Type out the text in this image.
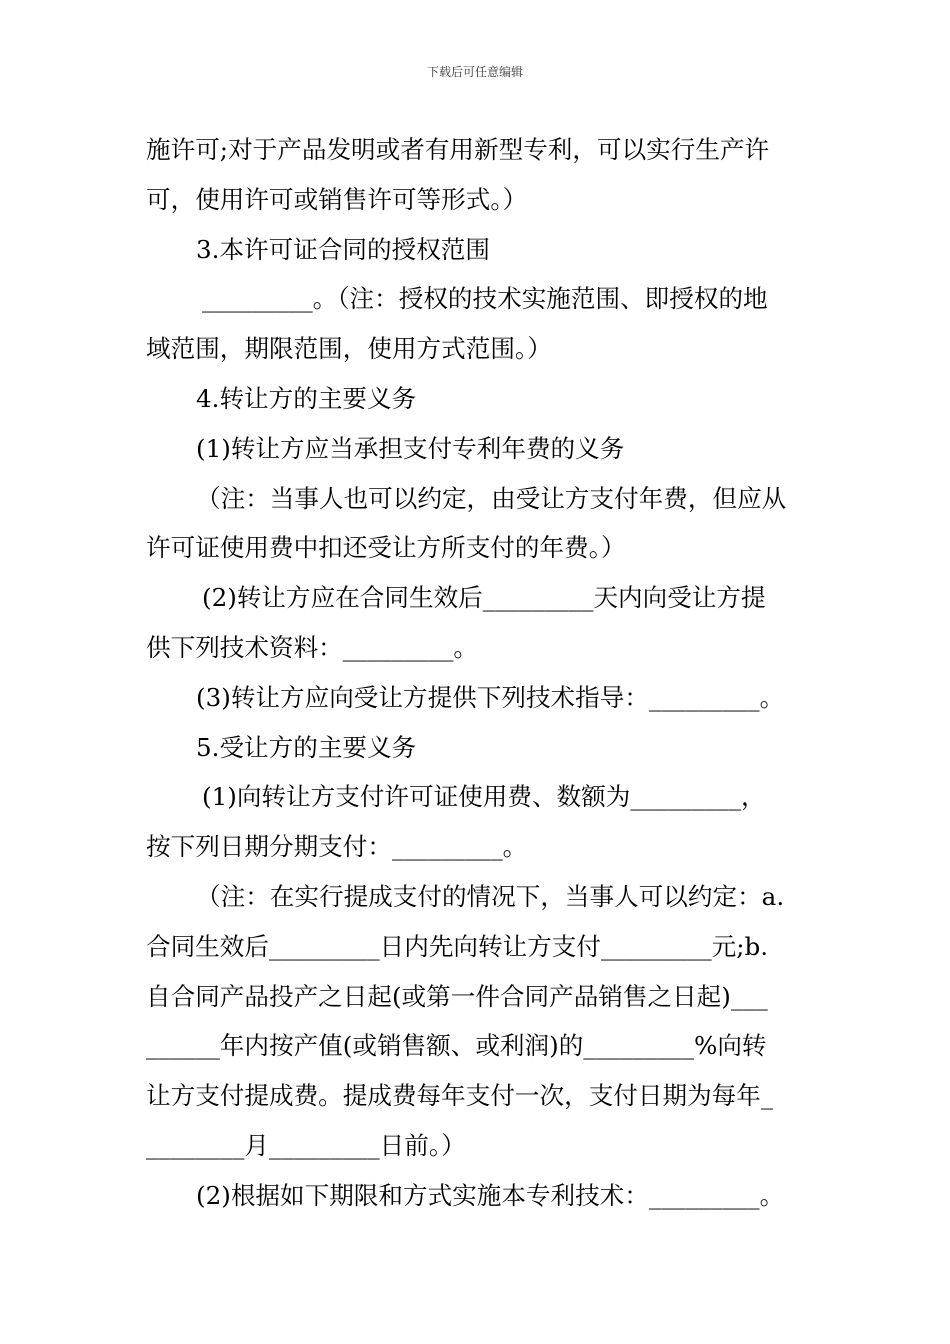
下载后可任意编辑
施许可;对于产品发明或者有用新型专利，可以实行生产许
可，使用许可或销售许可等形式。）
3.本许可证合同的授权范围
_________。（注：授权的技术实施范围、即授权的地
域范围，期限范围，使用方式范围。）
4.转让方的主要义务
(1)转让方应当承担支付专利年费的义务
（注：当事人也可以约定，由受让方支付年费，但应从
许可证使用费中扣还受让方所支付的年费。）
(2)转让方应在合同生效后_________天内向受让方提
供下列技术资料：_________。
(3)转让方应向受让方提供下列技术指导：_________。
5.受让方的主要义务
(1)向转让方支付许可证使用费、数额为_________，
按下列日期分期支付：_________。
（注：在实行提成支付的情况下，当事人可以约定：a.
合同生效后_________日内先向转让方支付_________元;b.
自合同产品投产之日起(或第一件合同产品销售之日起)___
______年内按产值(或销售额、或利润)的_________%向转
让方支付提成费。提成费每年支付一次，支付日期为每年_
________月_________日前。）
(2)根据如下期限和方式实施本专利技术：_________。
